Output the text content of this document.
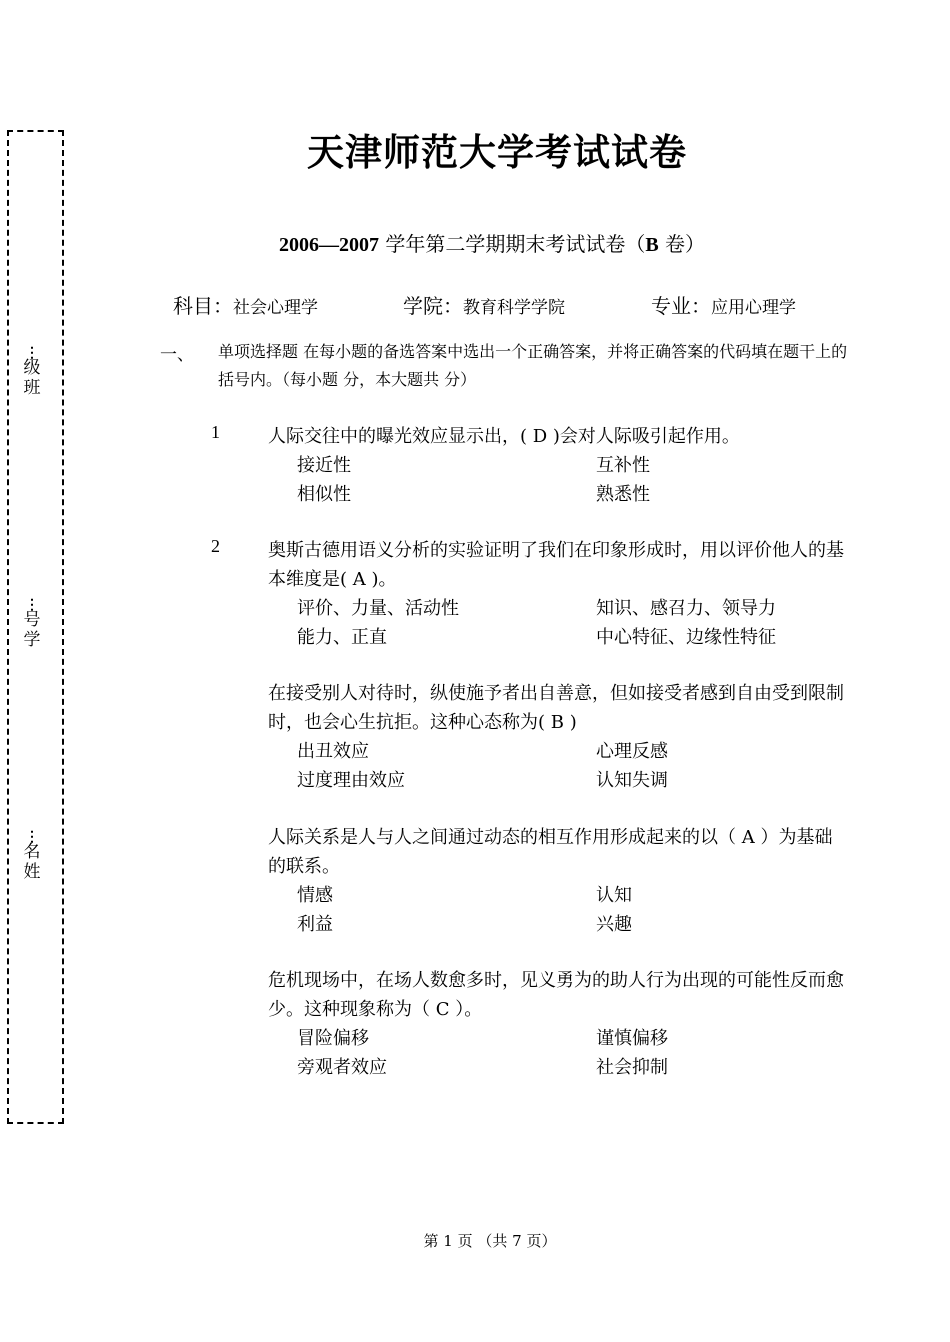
⋮
级班
⋮
号学
⋮
名姓
天津师范大学考试试卷
2006—2007 学年第二学期期末考试试卷（B 卷）
科目：社会心理学	学院：教育科学学院	专业：应用心理学
一、 单项选择题 在每小题的备选答案中选出一个正确答案，并将正确答案的代码填在题干上的括号内。（每小题 分，本大题共 分）
1	人际交往中的曝光效应显示出，( D )会对人际吸引起作用。
接近性	互补性
相似性	熟悉性
2	奥斯古德用语义分析的实验证明了我们在印象形成时，用以评价他人的基本维度是( A )。
评价、力量、活动性	知识、感召力、领导力
能力、正直	中心特征、边缘性特征
在接受别人对待时，纵使施予者出自善意，但如接受者感到自由受到限制时，也会心生抗拒。这种心态称为( B )
出丑效应	心理反感
过度理由效应	认知失调
人际关系是人与人之间通过动态的相互作用形成起来的以（ A ）为基础的联系。
情感	认知
利益	兴趣
危机现场中，在场人数愈多时，见义勇为的助人行为出现的可能性反而愈少。这种现象称为（ C ）。
冒险偏移	谨慎偏移
旁观者效应	社会抑制
第 1 页 （共 7 页）
